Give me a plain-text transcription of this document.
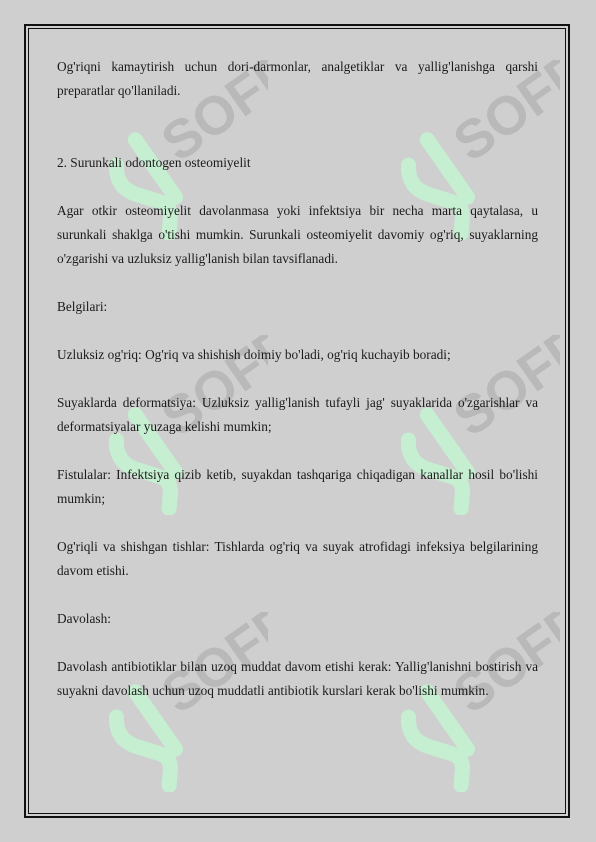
SOFF	SOFF
SOFF	SOFF
SOFF	SOFF

Og'riqni kamaytirish uchun dori-darmonlar, analgetiklar va yallig'lanishga qarshi preparatlar qo'llaniladi.

2. Surunkali odontogen osteomiyelit

Agar otkir osteomiyelit davolanmasa yoki infektsiya bir necha marta qaytalasa, u surunkali shaklga o'tishi mumkin. Surunkali osteomiyelit davomiy og'riq, suyaklarning o'zgarishi va uzluksiz yallig'lanish bilan tavsiflanadi.

Belgilari:

Uzluksiz og'riq: Og'riq va shishish doimiy bo'ladi, og'riq kuchayib boradi;

Suyaklarda deformatsiya: Uzluksiz yallig'lanish tufayli jag' suyaklarida o'zgarishlar va deformatsiyalar yuzaga kelishi mumkin;

Fistulalar: Infektsiya qizib ketib, suyakdan tashqariga chiqadigan kanallar hosil bo'lishi mumkin;

Og'riqli va shishgan tishlar: Tishlarda og'riq va suyak atrofidagi infeksiya belgilarining davom etishi.

Davolash:

Davolash antibiotiklar bilan uzoq muddat davom etishi kerak: Yallig'lanishni bostirish va suyakni davolash uchun uzoq muddatli antibiotik kurslari kerak bo'lishi mumkin.
